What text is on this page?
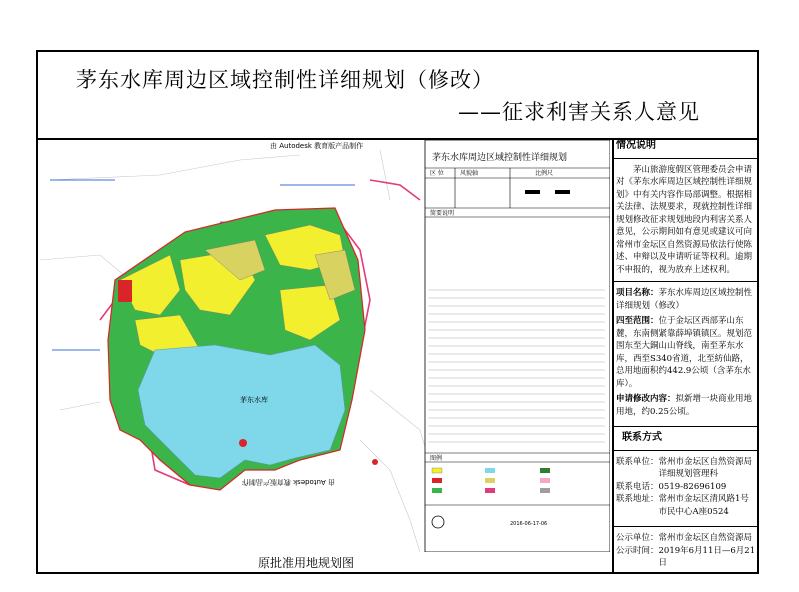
茅东水库周边区域控制性详细规划（修改）
——征求利害关系人意见
由 Autodesk 教育版产品制作
由 Autodesk 教育版产品制作
茅东水库
茅东水库周边区域控制性详细规划
区 位	风貌轴	比例尺
简要说明
图例
2016-06-17-06
原批准用地规划图
情况说明

茅山旅游度假区管理委员会申请对《茅东水库周边区域控制性详细规划》中有关内容作局部调整。根据相关法律、法规要求，现就控制性详细规划修改征求规划地段内利害关系人意见，公示期间如有意见或建议可向常州市金坛区自然资源局依法行使陈述、申辩以及申请听证等权利。逾期不申报的，视为放弃上述权利。

项目名称：茅东水库周边区域控制性详细规划（修改）

四至范围：位于金坛区西部茅山东麓，东南侧紧靠薛埠镇镇区。规划范围东至大銅山山脊线，南至茅东水库，西至S340省道，北至紡仙路，总用地面积约442.9公顷（含茅东水库）。

申请修改内容：拟新增一块商业用地用地，约0.25公顷。

联系方式
联系单位： 常州市金坛区自然资源局详细规划管理科
联系电话： 0519-82696109
联系地址： 常州市金坛区清风路1号市民中心A座0524
公示单位： 常州市金坛区自然资源局
公示时间： 2019年6月11日—6月21日
